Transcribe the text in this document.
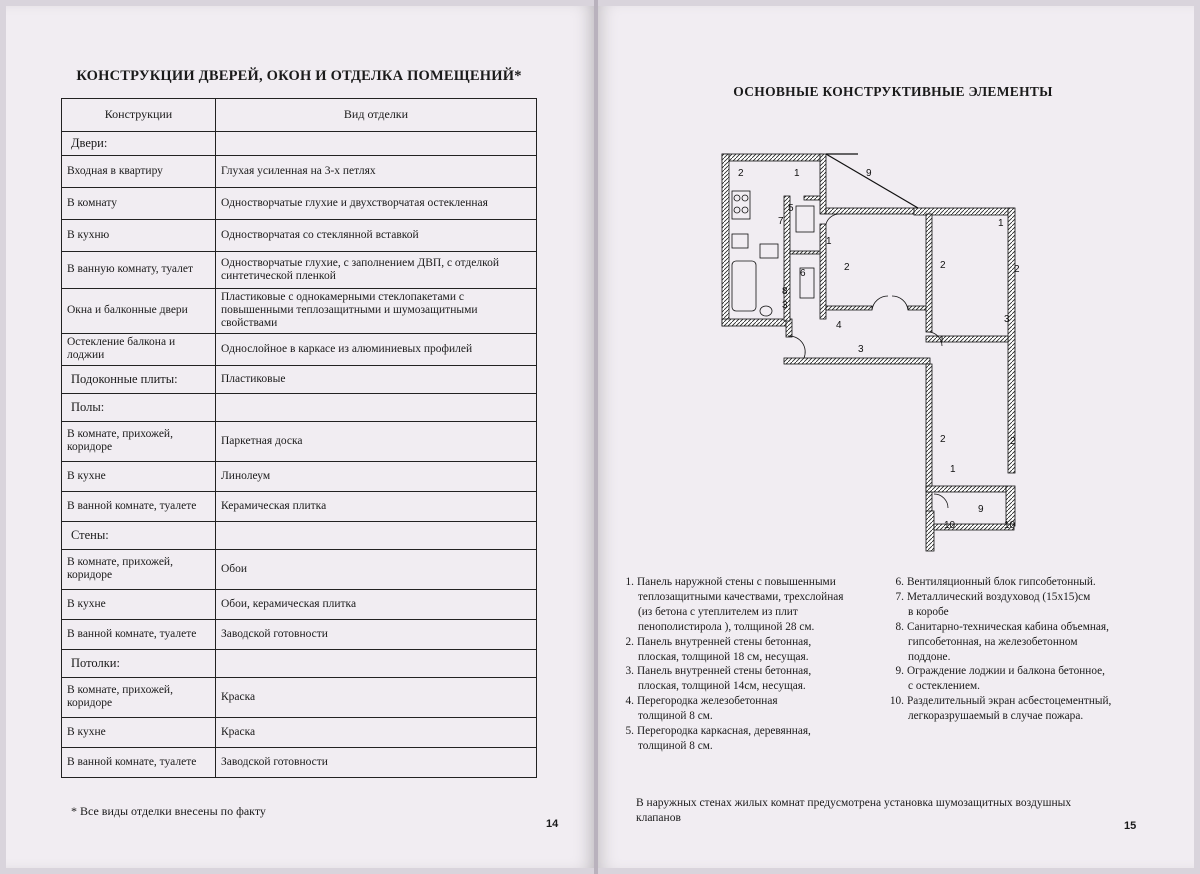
КОНСТРУКЦИИ ДВЕРЕЙ, ОКОН И ОТДЕЛКА ПОМЕЩЕНИЙ*
Конструкции	Вид отделки
Двери:	
Входная в квартиру	Глухая усиленная на 3-х петлях
В комнату	Одностворчатые глухие и двухстворчатая остекленная
В кухню	Одностворчатая со стеклянной вставкой
В ванную комнату, туалет	Одностворчатые глухие, с заполнением ДВП, с отделкой синтетической пленкой
Окна и балконные двери	Пластиковые с однокамерными стеклопакетами с повышенными теплозащитными и шумозащитными свойствами
Остекление балкона и лоджии	Однослойное в каркасе из алюминиевых профилей
Подоконные плиты:	Пластиковые
Полы:	
В комнате, прихожей, коридоре	Паркетная доска
В кухне	Линолеум
В ванной комнате, туалете	Керамическая плитка
Стены:	
В комнате, прихожей, коридоре	Обои
В кухне	Обои, керамическая плитка
В ванной комнате, туалете	Заводской готовности
Потолки:	
В комнате, прихожей, коридоре	Краска
В кухне	Краска
В ванной комнате, туалете	Заводской готовности
* Все виды отделки внесены по факту
14
ОСНОВНЫЕ КОНСТРУКТИВНЫЕ ЭЛЕМЕНТЫ
2	1	9
1
5
7
6
8
3
2
4
3
2
1
2
3
2	2
1
9
10	10
1. Панель наружной стены с повышенными
теплозащитными качествами, трехслойная
(из бетона с утеплителем из плит
пенополистирола ), толщиной 28 см.
2. Панель внутренней стены бетонная,
плоская, толщиной 18 см, несущая.
3. Панель внутренней стены бетонная,
плоская, толщиной 14см, несущая.
4. Перегородка железобетонная
толщиной 8 см.
5. Перегородка каркасная, деревянная,
толщиной 8 см.
6. Вентиляционный блок гипсобетонный.
7. Металлический воздуховод (15х15)см
в коробе
8. Санитарно-техническая кабина объемная,
гипсобетонная, на железобетонном
поддоне.
9. Ограждение лоджии и балкона бетонное,
с остеклением.
10. Разделительный экран асбестоцементный,
легкоразрушаемый в случае пожара.
В наружных стенах жилых комнат предусмотрена установка шумозащитных воздушных клапанов
15
